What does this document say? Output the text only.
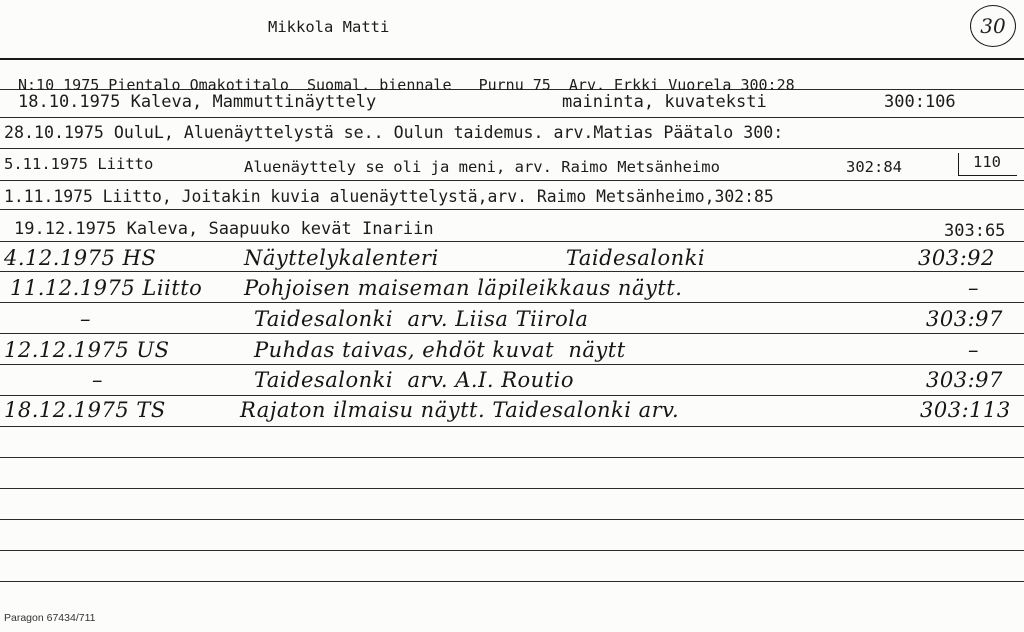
Mikkola Matti	30
N:10 1975 Pientalo Omakotitalo  Suomal. biennale   Purnu 75  Arv. Erkki Vuorela 300:28
18.10.1975 Kaleva, Mammuttinäyttely	maininta, kuvateksti	300:106
28.10.1975 OuluL, Aluenäyttelystä se.. Oulun taidemus. arv.Matias Päätalo 300:
5.11.1975 Liitto	Aluenäyttely se oli ja meni, arv. Raimo Metsänheimo	302:84	110
1.11.1975 Liitto, Joitakin kuvia aluenäyttelystä,arv. Raimo Metsänheimo,302:85
19.12.1975 Kaleva, Saapuuko kevät Inariin	303:65
4.12.1975 HS	Näyttelykalenteri	Taidesalonki	303:92
11.12.1975 Liitto Pohjoisen maiseman läpileikkaus näytt.	–
–	Taidesalonki  arv. Liisa Tiirola	303:97
12.12.1975 US	Puhdas taivas, ehdöt kuvat  näytt	–
–	Taidesalonki  arv. A.I. Routio	303:97
18.12.1975 TS	Rajaton ilmaisu näytt. Taidesalonki arv.	303:113
Paragon 67434/711
